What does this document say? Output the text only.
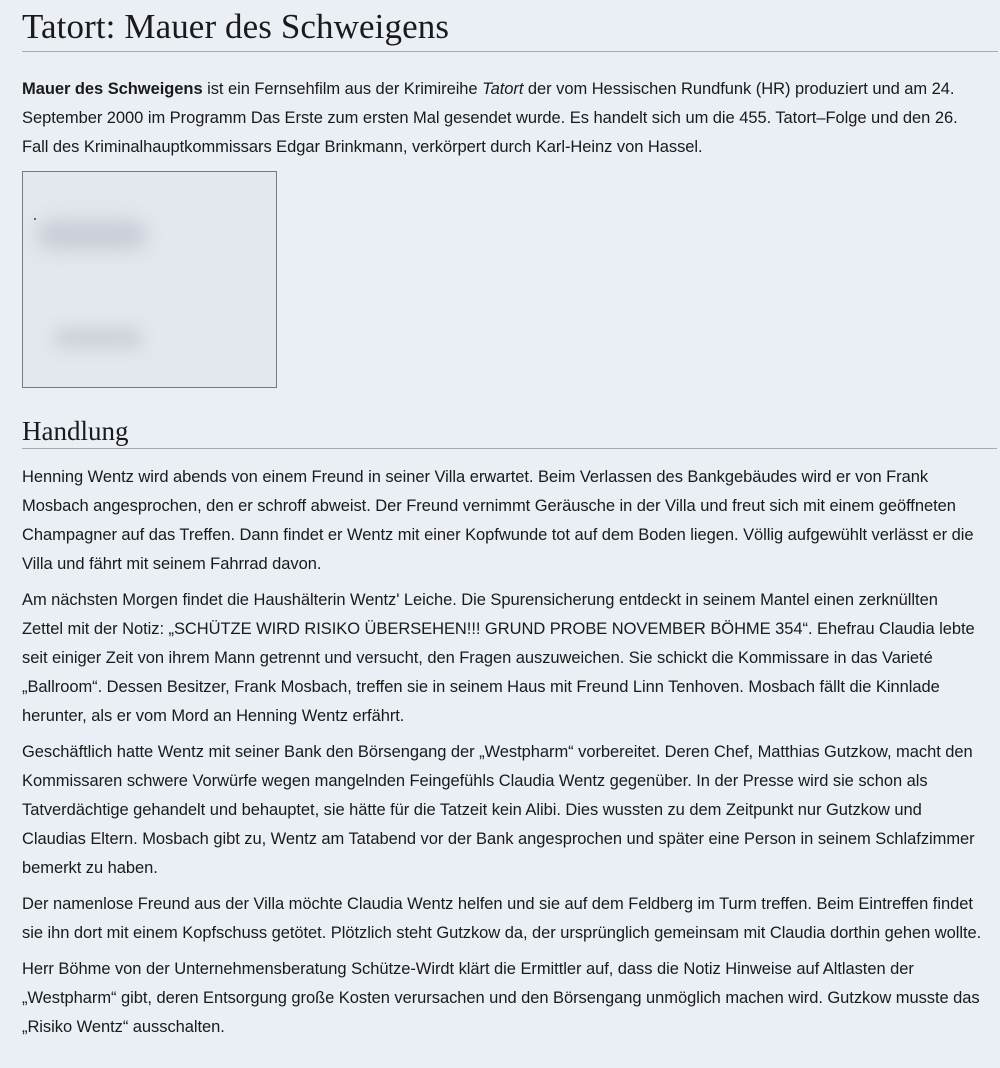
Tatort: Mauer des Schweigens

Mauer des Schweigens ist ein Fernsehfilm aus der Krimireihe Tatort der vom Hessischen Rundfunk (HR) produziert und am 24. September 2000 im Programm Das Erste zum ersten Mal gesendet wurde. Es handelt sich um die 455. Tatort–Folge und den 26. Fall des Kriminalhauptkommissars Edgar Brinkmann, verkörpert durch Karl-Heinz von Hassel.

Handlung

Henning Wentz wird abends von einem Freund in seiner Villa erwartet. Beim Verlassen des Bankgebäudes wird er von Frank Mosbach angesprochen, den er schroff abweist. Der Freund vernimmt Geräusche in der Villa und freut sich mit einem geöffneten Champagner auf das Treffen. Dann findet er Wentz mit einer Kopfwunde tot auf dem Boden liegen. Völlig aufgewühlt verlässt er die Villa und fährt mit seinem Fahrrad davon.

Am nächsten Morgen findet die Haushälterin Wentz' Leiche. Die Spurensicherung entdeckt in seinem Mantel einen zerknüllten Zettel mit der Notiz: „SCHÜTZE WIRD RISIKO ÜBERSEHEN!!! GRUND PROBE NOVEMBER BÖHME 354“. Ehefrau Claudia lebte seit einiger Zeit von ihrem Mann getrennt und versucht, den Fragen auszuweichen. Sie schickt die Kommissare in das Varieté „Ballroom“. Dessen Besitzer, Frank Mosbach, treffen sie in seinem Haus mit Freund Linn Tenhoven. Mosbach fällt die Kinnlade herunter, als er vom Mord an Henning Wentz erfährt.

Geschäftlich hatte Wentz mit seiner Bank den Börsengang der „Westpharm“ vorbereitet. Deren Chef, Matthias Gutzkow, macht den Kommissaren schwere Vorwürfe wegen mangelnden Feingefühls Claudia Wentz gegenüber. In der Presse wird sie schon als Tatverdächtige gehandelt und behauptet, sie hätte für die Tatzeit kein Alibi. Dies wussten zu dem Zeitpunkt nur Gutzkow und Claudias Eltern. Mosbach gibt zu, Wentz am Tatabend vor der Bank angesprochen und später eine Person in seinem Schlafzimmer bemerkt zu haben.

Der namenlose Freund aus der Villa möchte Claudia Wentz helfen und sie auf dem Feldberg im Turm treffen. Beim Eintreffen findet sie ihn dort mit einem Kopfschuss getötet. Plötzlich steht Gutzkow da, der ursprünglich gemeinsam mit Claudia dorthin gehen wollte.

Herr Böhme von der Unternehmensberatung Schütze-Wirdt klärt die Ermittler auf, dass die Notiz Hinweise auf Altlasten der „Westpharm“ gibt, deren Entsorgung große Kosten verursachen und den Börsengang unmöglich machen wird. Gutzkow musste das „Risiko Wentz“ ausschalten.
